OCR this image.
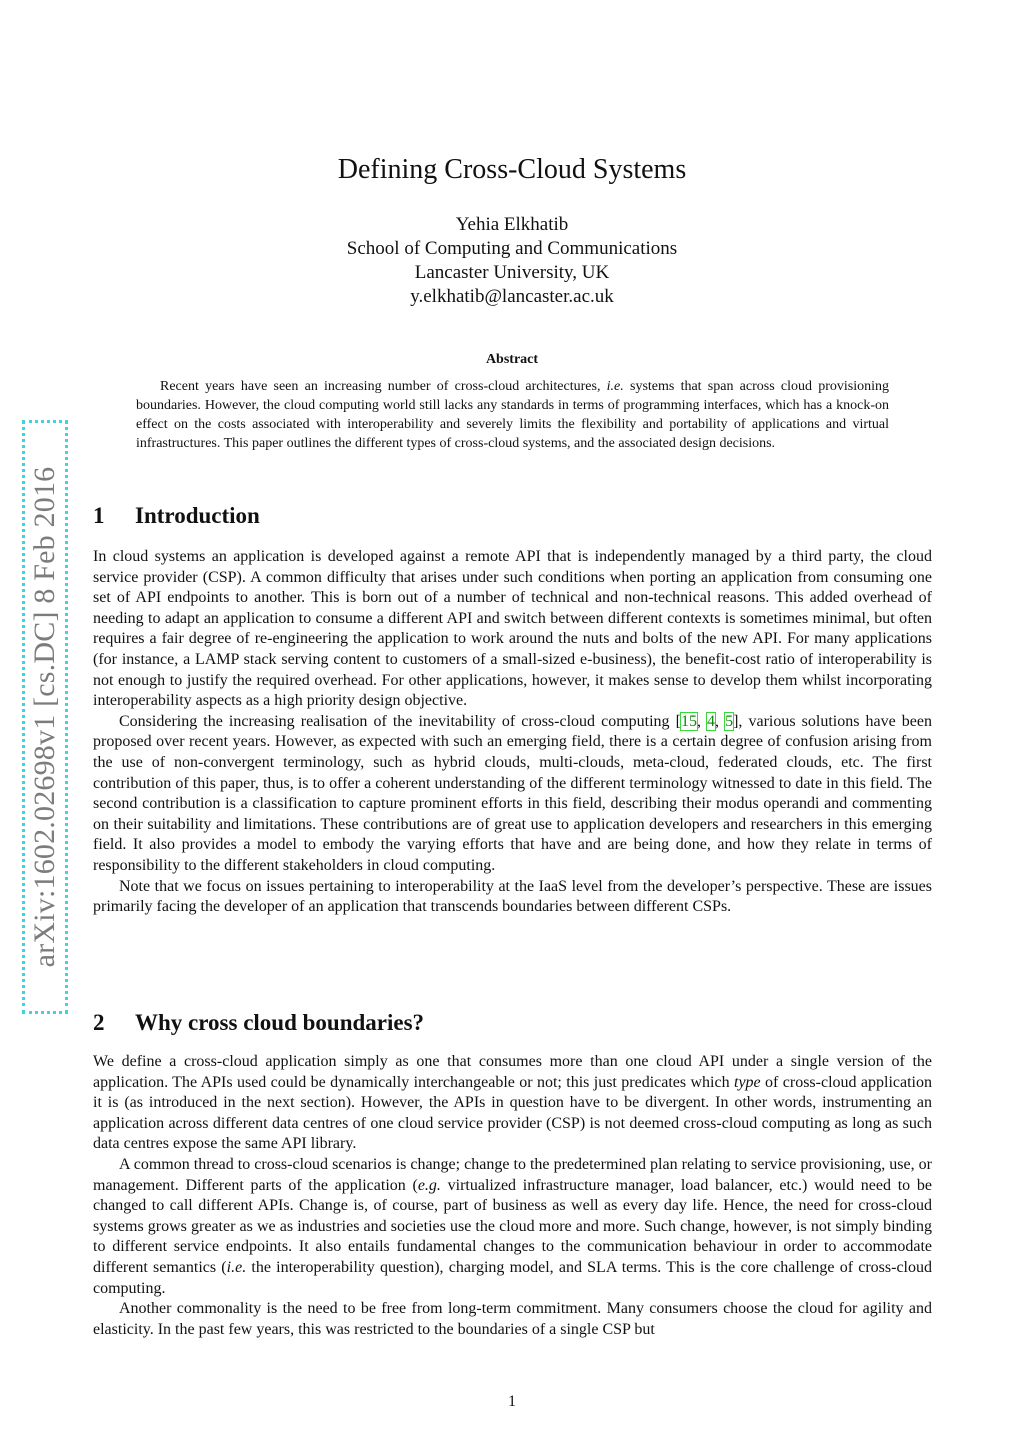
arXiv:1602.02698v1 [cs.DC] 8 Feb 2016
Defining Cross-Cloud Systems
Yehia Elkhatib
School of Computing and Communications
Lancaster University, UK
y.elkhatib@lancaster.ac.uk
Abstract

Recent years have seen an increasing number of cross-cloud architectures, i.e. systems that span across cloud provisioning boundaries. However, the cloud computing world still lacks any standards in terms of programming interfaces, which has a knock-on effect on the costs associated with interoperability and severely limits the flexibility and portability of applications and virtual infrastructures. This paper outlines the different types of cross-cloud systems, and the associated design decisions.

1 Introduction

In cloud systems an application is developed against a remote API that is independently managed by a third party, the cloud service provider (CSP). A common difficulty that arises under such conditions when porting an application from consuming one set of API endpoints to another. This is born out of a number of technical and non-technical reasons. This added overhead of needing to adapt an application to consume a different API and switch between different contexts is sometimes minimal, but often requires a fair degree of re-engineering the application to work around the nuts and bolts of the new API. For many applications (for instance, a LAMP stack serving content to customers of a small-sized e-business), the benefit-cost ratio of interoperability is not enough to justify the required overhead. For other applications, however, it makes sense to develop them whilst incorporating interoperability aspects as a high priority design objective.

Considering the increasing realisation of the inevitability of cross-cloud computing [15, 4, 5], various solutions have been proposed over recent years. However, as expected with such an emerging field, there is a certain degree of confusion arising from the use of non-convergent terminology, such as hybrid clouds, multi-clouds, meta-cloud, federated clouds, etc. The first contribution of this paper, thus, is to offer a coherent understanding of the different terminology witnessed to date in this field. The second contribution is a classification to capture prominent efforts in this field, describing their modus operandi and commenting on their suitability and limitations. These contributions are of great use to application developers and researchers in this emerging field. It also provides a model to embody the varying efforts that have and are being done, and how they relate in terms of responsibility to the different stakeholders in cloud computing.

Note that we focus on issues pertaining to interoperability at the IaaS level from the developer’s perspective. These are issues primarily facing the developer of an application that transcends boundaries between different CSPs.

2 Why cross cloud boundaries?

We define a cross-cloud application simply as one that consumes more than one cloud API under a single version of the application. The APIs used could be dynamically interchangeable or not; this just predicates which type of cross-cloud application it is (as introduced in the next section). However, the APIs in question have to be divergent. In other words, instrumenting an application across different data centres of one cloud service provider (CSP) is not deemed cross-cloud computing as long as such data centres expose the same API library.

A common thread to cross-cloud scenarios is change; change to the predetermined plan relating to service provisioning, use, or management. Different parts of the application (e.g. virtualized infrastructure manager, load balancer, etc.) would need to be changed to call different APIs. Change is, of course, part of business as well as every day life. Hence, the need for cross-cloud systems grows greater as we as industries and societies use the cloud more and more. Such change, however, is not simply binding to different service endpoints. It also entails fundamental changes to the communication behaviour in order to accommodate different semantics (i.e. the interoperability question), charging model, and SLA terms. This is the core challenge of cross-cloud computing.

Another commonality is the need to be free from long-term commitment. Many consumers choose the cloud for agility and elasticity. In the past few years, this was restricted to the boundaries of a single CSP but

1
